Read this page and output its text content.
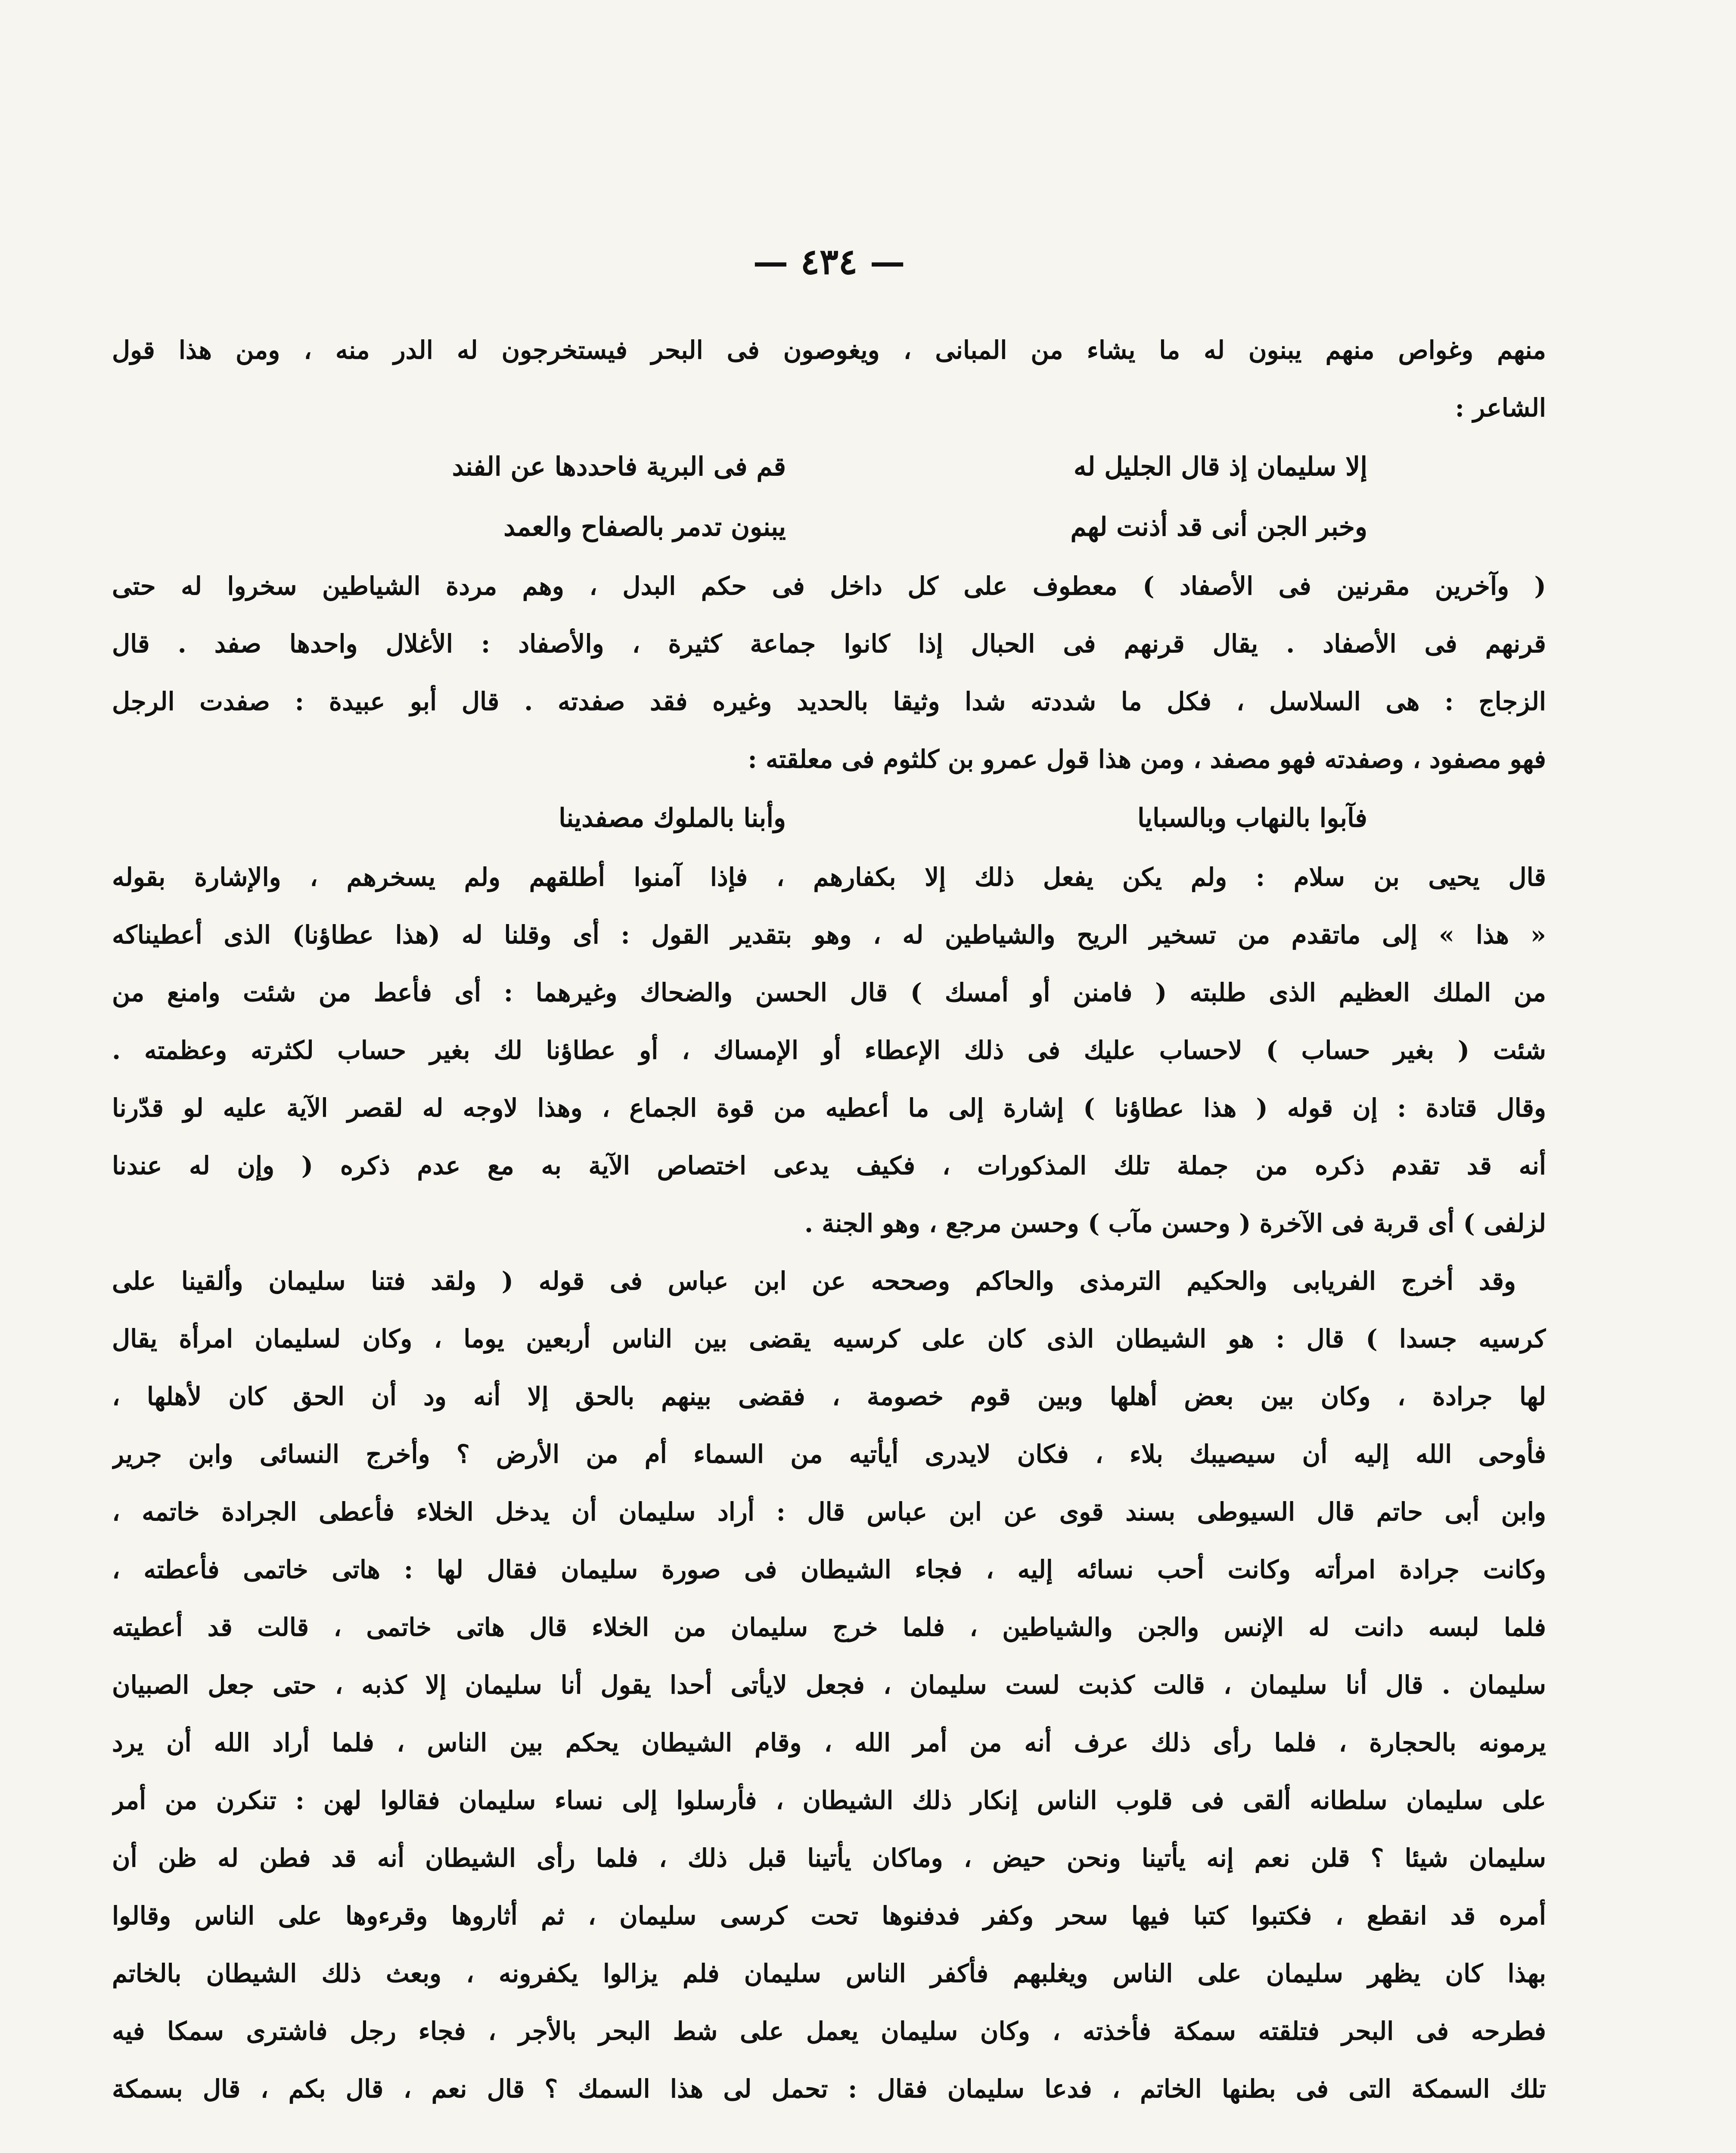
— ٤٣٤ —
منهم وغواص منهم يبنون له ما يشاء من المبانى ، ويغوصون فى البحر فيستخرجون له الدر منه ، ومن هذا قول
الشاعر :
إلا سليمان إذ قال الجليل له
قم فى البرية فاحددها عن الفند
وخبر الجن أنى قد أذنت لهم
يبنون تدمر بالصفاح والعمد
( وآخرين مقرنين فى الأصفاد ) معطوف على كل داخل فى حكم البدل ، وهم مردة الشياطين سخروا له حتى
قرنهم فى الأصفاد . يقال قرنهم فى الحبال إذا كانوا جماعة كثيرة ، والأصفاد : الأغلال واحدها صفد . قال
الزجاج : هى السلاسل ، فكل ما شددته شدا وثيقا بالحديد وغيره فقد صفدته . قال أبو عبيدة : صفدت الرجل
فهو مصفود ، وصفدته فهو مصفد ، ومن هذا قول عمرو بن كلثوم فى معلقته :
فآبوا بالنهاب وبالسبايا
وأبنا بالملوك مصفدينا
قال يحيى بن سلام : ولم يكن يفعل ذلك إلا بكفارهم ، فإذا آمنوا أطلقهم ولم يسخرهم ، والإشارة بقوله
« هذا » إلى ماتقدم من تسخير الريح والشياطين له ، وهو بتقدير القول : أى وقلنا له (هذا عطاؤنا) الذى أعطيناكه
من الملك العظيم الذى طلبته ( فامنن أو أمسك ) قال الحسن والضحاك وغيرهما : أى فأعط من شئت وامنع من
شئت ( بغير حساب ) لاحساب عليك فى ذلك الإعطاء أو الإمساك ، أو عطاؤنا لك بغير حساب لكثرته وعظمته .
وقال قتادة : إن قوله ( هذا عطاؤنا ) إشارة إلى ما أعطيه من قوة الجماع ، وهذا لاوجه له لقصر الآية عليه لو قدّرنا
أنه قد تقدم ذكره من جملة تلك المذكورات ، فكيف يدعى اختصاص الآية به مع عدم ذكره ( وإن له عندنا
لزلفى ) أى قربة فى الآخرة ( وحسن مآب ) وحسن مرجع ، وهو الجنة .
وقد أخرج الفريابى والحكيم الترمذى والحاكم وصححه عن ابن عباس فى قوله ( ولقد فتنا سليمان وألقينا على
كرسيه جسدا ) قال : هو الشيطان الذى كان على كرسيه يقضى بين الناس أربعين يوما ، وكان لسليمان امرأة يقال
لها جرادة ، وكان بين بعض أهلها وبين قوم خصومة ، فقضى بينهم بالحق إلا أنه ود أن الحق كان لأهلها ،
فأوحى الله إليه أن سيصيبك بلاء ، فكان لايدرى أيأتيه من السماء أم من الأرض ؟ وأخرج النسائى وابن جرير
وابن أبى حاتم قال السيوطى بسند قوى عن ابن عباس قال : أراد سليمان أن يدخل الخلاء فأعطى الجرادة خاتمه ،
وكانت جرادة امرأته وكانت أحب نسائه إليه ، فجاء الشيطان فى صورة سليمان فقال لها : هاتى خاتمى فأعطته ،
فلما لبسه دانت له الإنس والجن والشياطين ، فلما خرج سليمان من الخلاء قال هاتى خاتمى ، قالت قد أعطيته
سليمان . قال أنا سليمان ، قالت كذبت لست سليمان ، فجعل لايأتى أحدا يقول أنا سليمان إلا كذبه ، حتى جعل الصبيان
يرمونه بالحجارة ، فلما رأى ذلك عرف أنه من أمر الله ، وقام الشيطان يحكم بين الناس ، فلما أراد الله أن يرد
على سليمان سلطانه ألقى فى قلوب الناس إنكار ذلك الشيطان ، فأرسلوا إلى نساء سليمان فقالوا لهن : تنكرن من أمر
سليمان شيئا ؟ قلن نعم إنه يأتينا ونحن حيض ، وماكان يأتينا قبل ذلك ، فلما رأى الشيطان أنه قد فطن له ظن أن
أمره قد انقطع ، فكتبوا كتبا فيها سحر وكفر فدفنوها تحت كرسى سليمان ، ثم أثاروها وقرءوها على الناس وقالوا
بهذا كان يظهر سليمان على الناس ويغلبهم فأكفر الناس سليمان فلم يزالوا يكفرونه ، وبعث ذلك الشيطان بالخاتم
فطرحه فى البحر فتلقته سمكة فأخذته ، وكان سليمان يعمل على شط البحر بالأجر ، فجاء رجل فاشترى سمكا فيه
تلك السمكة التى فى بطنها الخاتم ، فدعا سليمان فقال : تحمل لى هذا السمك ؟ قال نعم ، قال بكم ، قال بسمكة
